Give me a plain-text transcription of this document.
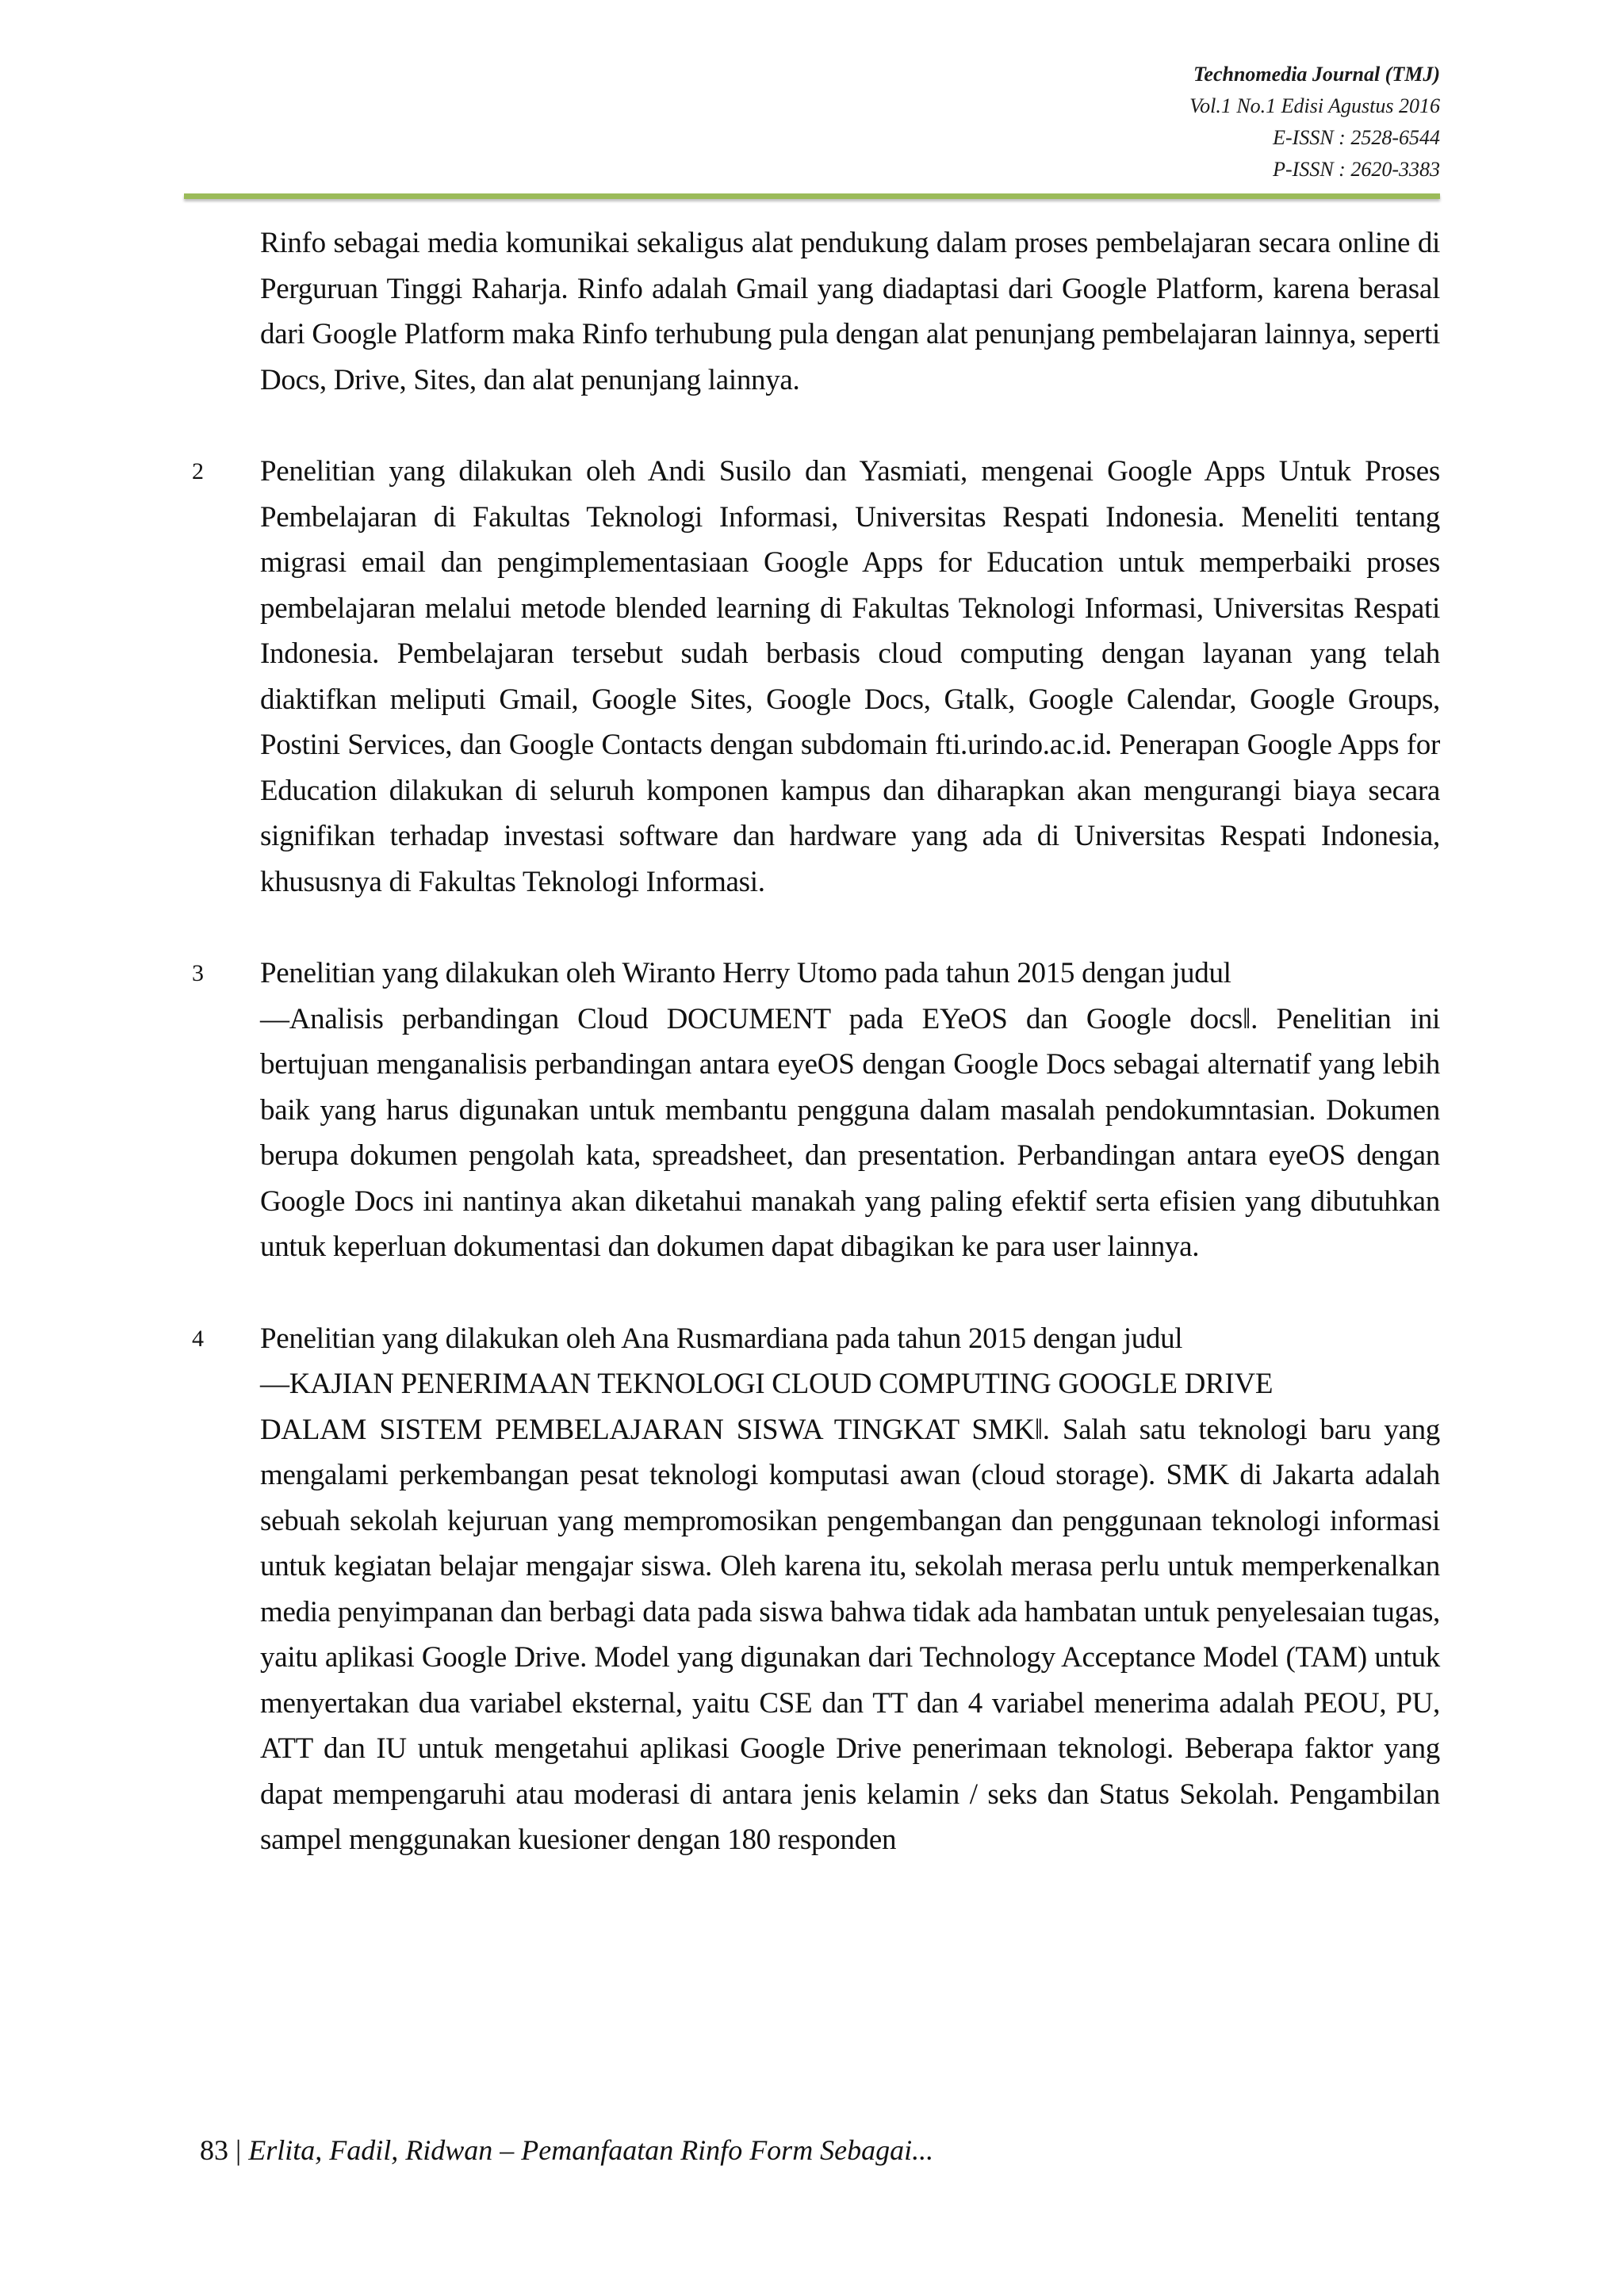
Technomedia Journal (TMJ)
Vol.1 No.1 Edisi Agustus 2016
E-ISSN : 2528-6544
P-ISSN : 2620-3383

Rinfo sebagai media komunikai sekaligus alat pendukung dalam proses pembelajaran secara online di Perguruan Tinggi Raharja. Rinfo adalah Gmail yang diadaptasi dari Google Platform, karena berasal dari Google Platform maka Rinfo terhubung pula dengan alat penunjang pembelajaran lainnya, seperti Docs, Drive, Sites, dan alat penunjang lainnya.

2 Penelitian yang dilakukan oleh Andi Susilo dan Yasmiati, mengenai Google Apps Untuk Proses Pembelajaran di Fakultas Teknologi Informasi, Universitas Respati Indonesia. Meneliti tentang migrasi email dan pengimplementasiaan Google Apps for Education untuk memperbaiki proses pembelajaran melalui metode blended learning di Fakultas Teknologi Informasi, Universitas Respati Indonesia. Pembelajaran tersebut sudah berbasis cloud computing dengan layanan yang telah diaktifkan meliputi Gmail, Google Sites, Google Docs, Gtalk, Google Calendar, Google Groups, Postini Services, dan Google Contacts dengan subdomain fti.urindo.ac.id. Penerapan Google Apps for Education dilakukan di seluruh komponen kampus dan diharapkan akan mengurangi biaya secara signifikan terhadap investasi software dan hardware yang ada di Universitas Respati Indonesia, khususnya di Fakultas Teknologi Informasi.

3 Penelitian yang dilakukan oleh Wiranto Herry Utomo pada tahun 2015 dengan judul

―Analisis perbandingan Cloud DOCUMENT pada EYeOS dan Google docs‖. Penelitian ini bertujuan menganalisis perbandingan antara eyeOS dengan Google Docs sebagai alternatif yang lebih baik yang harus digunakan untuk membantu pengguna dalam masalah pendokumntasian. Dokumen berupa dokumen pengolah kata, spreadsheet, dan presentation. Perbandingan antara eyeOS dengan Google Docs ini nantinya akan diketahui manakah yang paling efektif serta efisien yang dibutuhkan untuk keperluan dokumentasi dan dokumen dapat dibagikan ke para user lainnya.

4 Penelitian yang dilakukan oleh Ana Rusmardiana pada tahun 2015 dengan judul
―KAJIAN PENERIMAAN TEKNOLOGI CLOUD COMPUTING GOOGLE DRIVE

DALAM SISTEM PEMBELAJARAN SISWA TINGKAT SMK‖. Salah satu teknologi baru yang mengalami perkembangan pesat teknologi komputasi awan (cloud storage). SMK di Jakarta adalah sebuah sekolah kejuruan yang mempromosikan pengembangan dan penggunaan teknologi informasi untuk kegiatan belajar mengajar siswa. Oleh karena itu, sekolah merasa perlu untuk memperkenalkan media penyimpanan dan berbagi data pada siswa bahwa tidak ada hambatan untuk penyelesaian tugas, yaitu aplikasi Google Drive. Model yang digunakan dari Technology Acceptance Model (TAM) untuk menyertakan dua variabel eksternal, yaitu CSE dan TT dan 4 variabel menerima adalah PEOU, PU, ATT dan IU untuk mengetahui aplikasi Google Drive penerimaan teknologi. Beberapa faktor yang dapat mempengaruhi atau moderasi di antara jenis kelamin / seks dan Status Sekolah. Pengambilan sampel menggunakan kuesioner dengan 180 responden

83 | Erlita, Fadil, Ridwan – Pemanfaatan Rinfo Form Sebagai...
